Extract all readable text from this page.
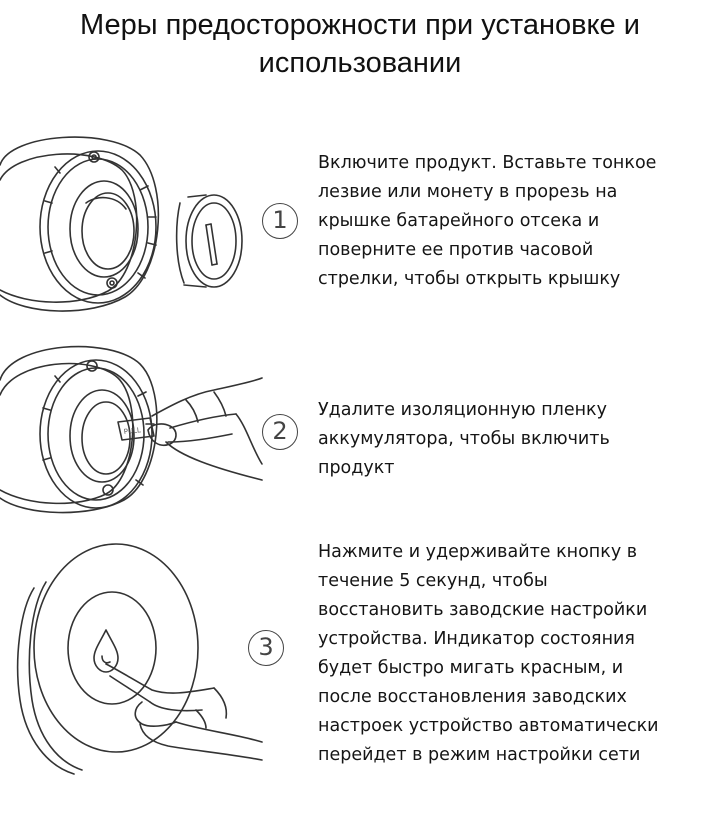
Меры предосторожности при установке и
использовании
1
Включите продукт. Вставьте тонкое
лезвие или монету в прорезь на
крышке батарейного отсека и
поверните ее против часовой
стрелки, чтобы открыть крышку
PULL	2
Удалите изоляционную пленку
аккумулятора, чтобы включить
продукт
3
Нажмите и удерживайте кнопку в
течение 5 секунд, чтобы
восстановить заводские настройки
устройства. Индикатор состояния
будет быстро мигать красным, и
после восстановления заводских
настроек устройство автоматически
перейдет в режим настройки сети
